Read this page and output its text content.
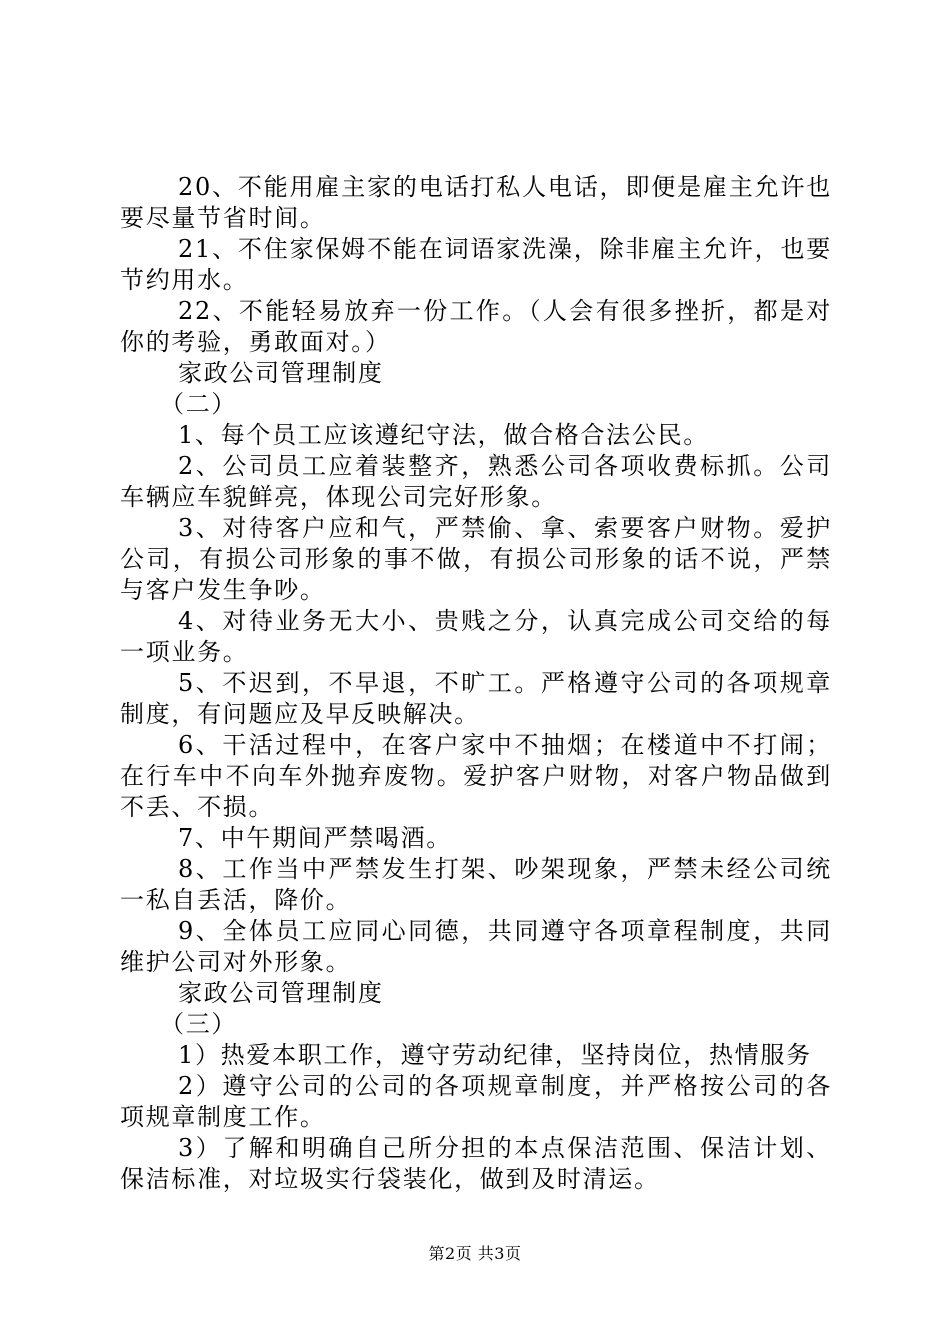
20、不能用雇主家的电话打私人电话，即便是雇主允许也要尽量节省时间。

21、不住家保姆不能在词语家洗澡，除非雇主允许，也要节约用水。

22、不能轻易放弃一份工作。（人会有很多挫折，都是对你的考验，勇敢面对。）

家政公司管理制度

（二）

1、每个员工应该遵纪守法，做合格合法公民。

2、公司员工应着装整齐，熟悉公司各项收费标抓。公司车辆应车貌鲜亮，体现公司完好形象。

3、对待客户应和气，严禁偷、拿、索要客户财物。爱护公司，有损公司形象的事不做，有损公司形象的话不说，严禁与客户发生争吵。

4、对待业务无大小、贵贱之分，认真完成公司交给的每一项业务。

5、不迟到，不早退，不旷工。严格遵守公司的各项规章制度，有问题应及早反映解决。

6、干活过程中，在客户家中不抽烟；在楼道中不打闹；在行车中不向车外抛弃废物。爱护客户财物，对客户物品做到不丢、不损。

7、中午期间严禁喝酒。

8、工作当中严禁发生打架、吵架现象，严禁未经公司统一私自丢活，降价。

9、全体员工应同心同德，共同遵守各项章程制度，共同维护公司对外形象。

家政公司管理制度

（三）

1）热爱本职工作，遵守劳动纪律，坚持岗位，热情服务

2）遵守公司的公司的各项规章制度，并严格按公司的各项规章制度工作。

3）了解和明确自己所分担的本点保洁范围、保洁计划、保洁标准，对垃圾实行袋装化，做到及时清运。

第2页 共3页
